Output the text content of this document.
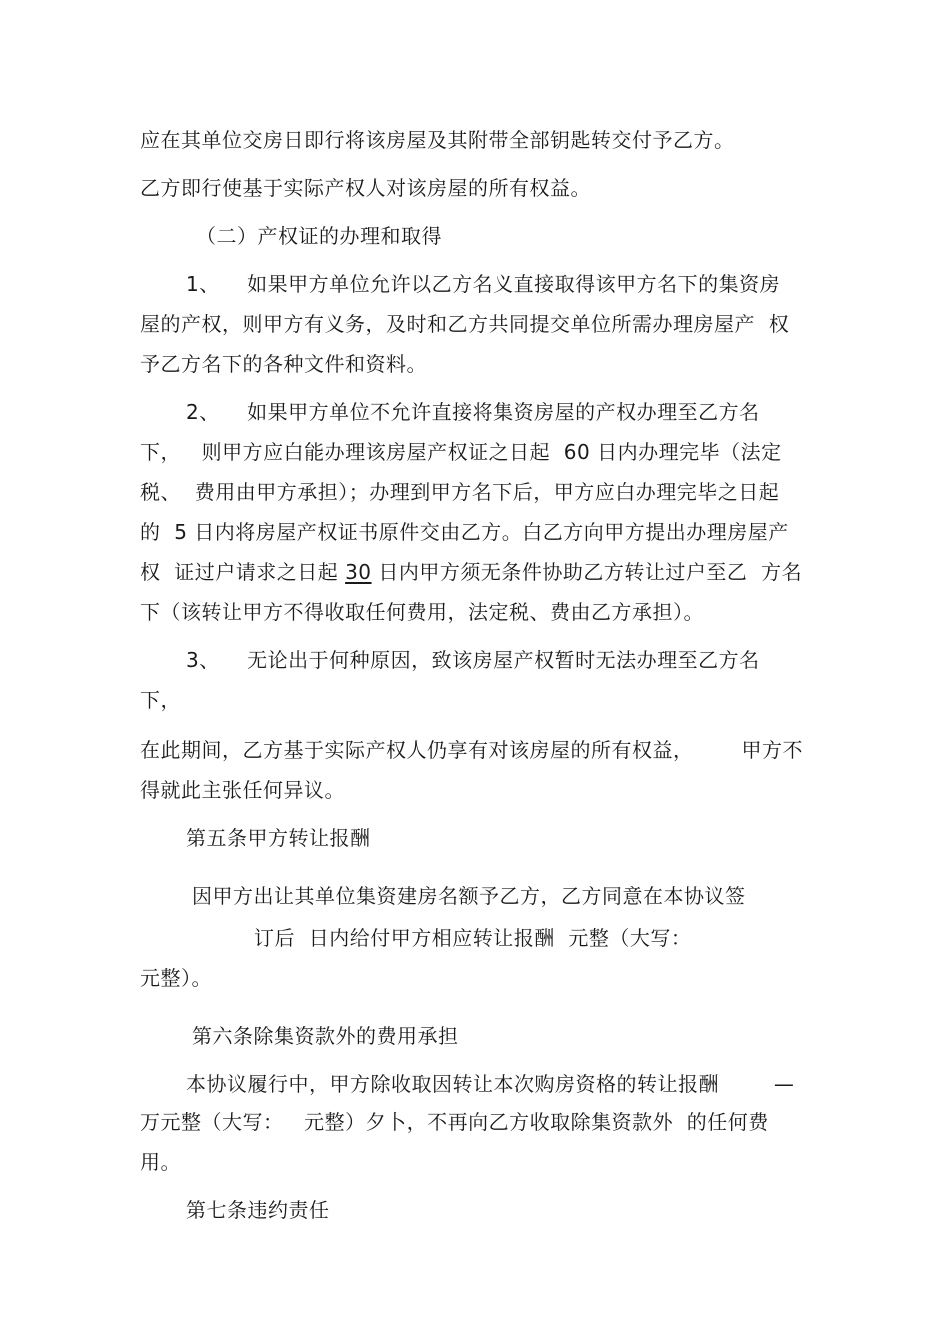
应在其单位交房日即行将该房屋及其附带全部钥匙转交付予乙方。
乙方即行使基于实际产权人对该房屋的所有权益。
（二）产权证的办理和取得
1、    如果甲方单位允许以乙方名义直接取得该甲方名下的集资房
屋的产权，则甲方有义务，及时和乙方共同提交单位所需办理房屋产  权
予乙方名下的各种文件和资料。
2、    如果甲方单位不允许直接将集资房屋的产权办理至乙方名
下，   则甲方应白能办理该房屋产权证之日起  60 日内办理完毕（法定
税、  费用由甲方承担）；办理到甲方名下后，甲方应白办理完毕之日起
的  5 日内将房屋产权证书原件交由乙方。白乙方向甲方提出办理房屋产
权  证过户请求之日起 30 日内甲方须无条件协助乙方转让过户至乙  方名
下（该转让甲方不得收取任何费用，法定税、费由乙方承担）。
3、    无论出于何种原因，致该房屋产权暂时无法办理至乙方名
下，
在此期间，乙方基于实际产权人仍享有对该房屋的所有权益，       甲方不
得就此主张任何异议。
第五条甲方转让报酬
因甲方出让其单位集资建房名额予乙方，乙方同意在本协议签
订后  日内给付甲方相应转让报酬  元整（大写：
元整）。
第六条除集资款外的费用承担
本协议履行中，甲方除收取因转让本次购房资格的转让报酬        —
万元整（大写：   元整）夕卜，不再向乙方收取除集资款外  的任何费
用。
第七条违约责任
